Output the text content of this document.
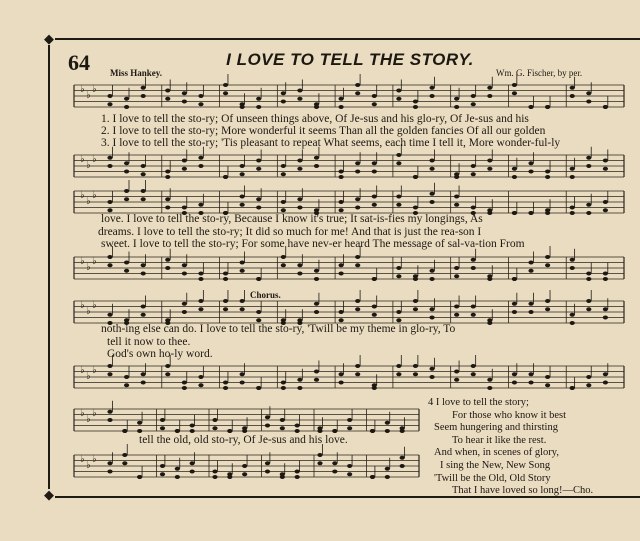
◆
◆
64	I LOVE TO TELL THE STORY.
Miss Hankey.	Wm. G. Fischer, by per.
♭
♭
♭
1. I love to tell the sto-ry; Of unseen things above, Of Je-sus and his glo-ry, Of Je-sus and his
2. I love to tell the sto-ry; More wonderful it seems Than all the golden fancies Of all our golden
3. I love to tell the sto-ry; 'Tis pleasant to repeat What seems, each time I tell it, More wonder-ful-ly
♭
♭
♭
♭
♭
♭
love. I love to tell the sto-ry, Because I know it's true; It sat-is-fies my longings, As
dreams. I love to tell the sto-ry; It did so much for me! And that is just the rea-son I
sweet. I love to tell the sto-ry; For some have nev-er heard The message of sal-va-tion From
♭
♭
♭
Chorus.
♭
♭
♭
noth-ing else can do. I love to tell the sto-ry, 'Twill be my theme in glo-ry, To
tell it now to thee.
God's own ho-ly word.
♭
♭
♭
♭
♭
♭
tell the old, old sto-ry, Of Je-sus and his love.
♭
♭
♭
4 I love to tell the story;
For those who know it best
Seem hungering and thirsting
To hear it like the rest.
And when, in scenes of glory,
I sing the New, New Song
'Twill be the Old, Old Story
That I have loved so long!—Cho.
